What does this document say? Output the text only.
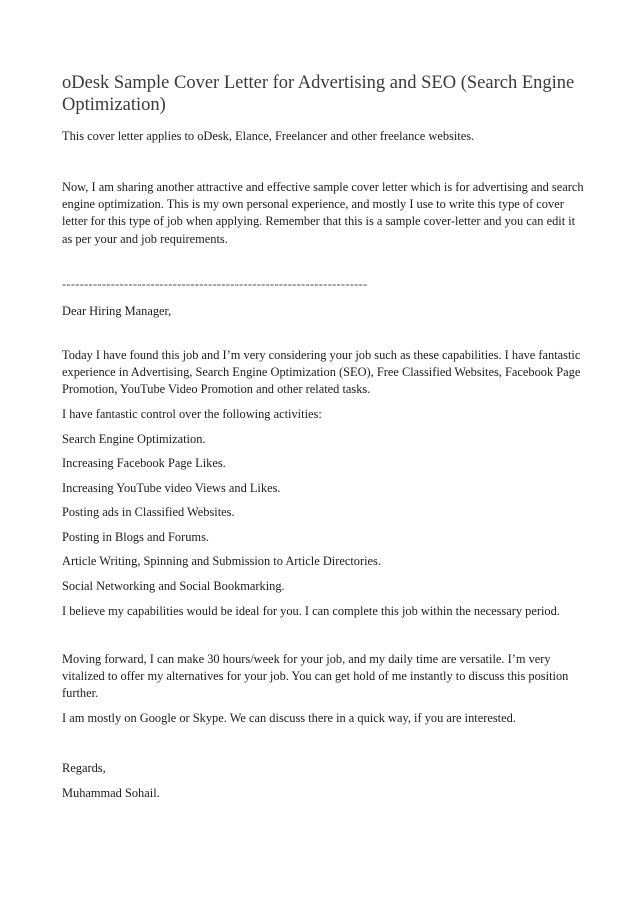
oDesk Sample Cover Letter for Advertising and SEO (Search Engine Optimization)

This cover letter applies to oDesk, Elance, Freelancer and other freelance websites.

Now, I am sharing another attractive and effective sample cover letter which is for advertising and search engine optimization. This is my own personal experience, and mostly I use to write this type of cover letter for this type of job when applying. Remember that this is a sample cover-letter and you can edit it as per your and job requirements.

---------------------------------------------------------------------

Dear Hiring Manager,

Today I have found this job and I’m very considering your job such as these capabilities. I have fantastic experience in Advertising, Search Engine Optimization (SEO), Free Classified Websites, Facebook Page Promotion, YouTube Video Promotion and other related tasks.

I have fantastic control over the following activities:

Search Engine Optimization.

Increasing Facebook Page Likes.

Increasing YouTube video Views and Likes.

Posting ads in Classified Websites.

Posting in Blogs and Forums.

Article Writing, Spinning and Submission to Article Directories.

Social Networking and Social Bookmarking.

I believe my capabilities would be ideal for you. I can complete this job within the necessary period.

Moving forward, I can make 30 hours/week for your job, and my daily time are versatile. I’m very vitalized to offer my alternatives for your job. You can get hold of me instantly to discuss this position further.

I am mostly on Google or Skype. We can discuss there in a quick way, if you are interested.

Regards,

Muhammad Sohail.
